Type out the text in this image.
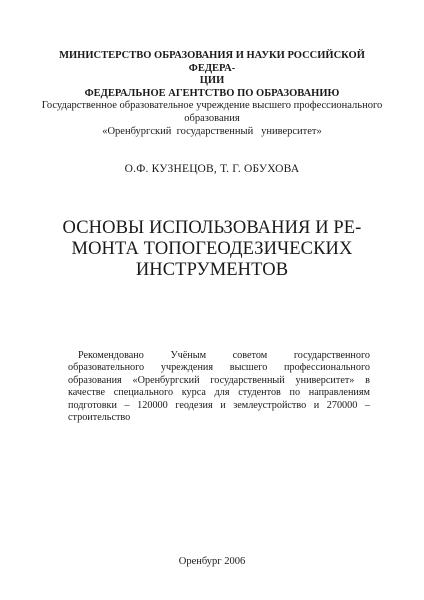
МИНИСТЕРСТВО ОБРАЗОВАНИЯ И НАУКИ РОССИЙСКОЙ ФЕДЕРА-
ЦИИ
ФЕДЕРАЛЬНОЕ АГЕНТСТВО ПО ОБРАЗОВАНИЮ
Государственное образовательное учреждение высшего профессионального
образования
«Оренбургский  государственный   университет»
О.Ф. КУЗНЕЦОВ, Т. Г. ОБУХОВА
ОСНОВЫ ИСПОЛЬЗОВАНИЯ И РЕ-
МОНТА ТОПОГЕОДЕЗИЧЕСКИХ
ИНСТРУМЕНТОВ

Рекомендовано Учёным советом государственного образовательного учреждения высшего профессионального образования «Оренбургский государственный университет» в качестве специального курса для студентов по направлениям подготовки – 120000 геодезия и землеустройство и 270000 – строительство

Оренбург 2006
